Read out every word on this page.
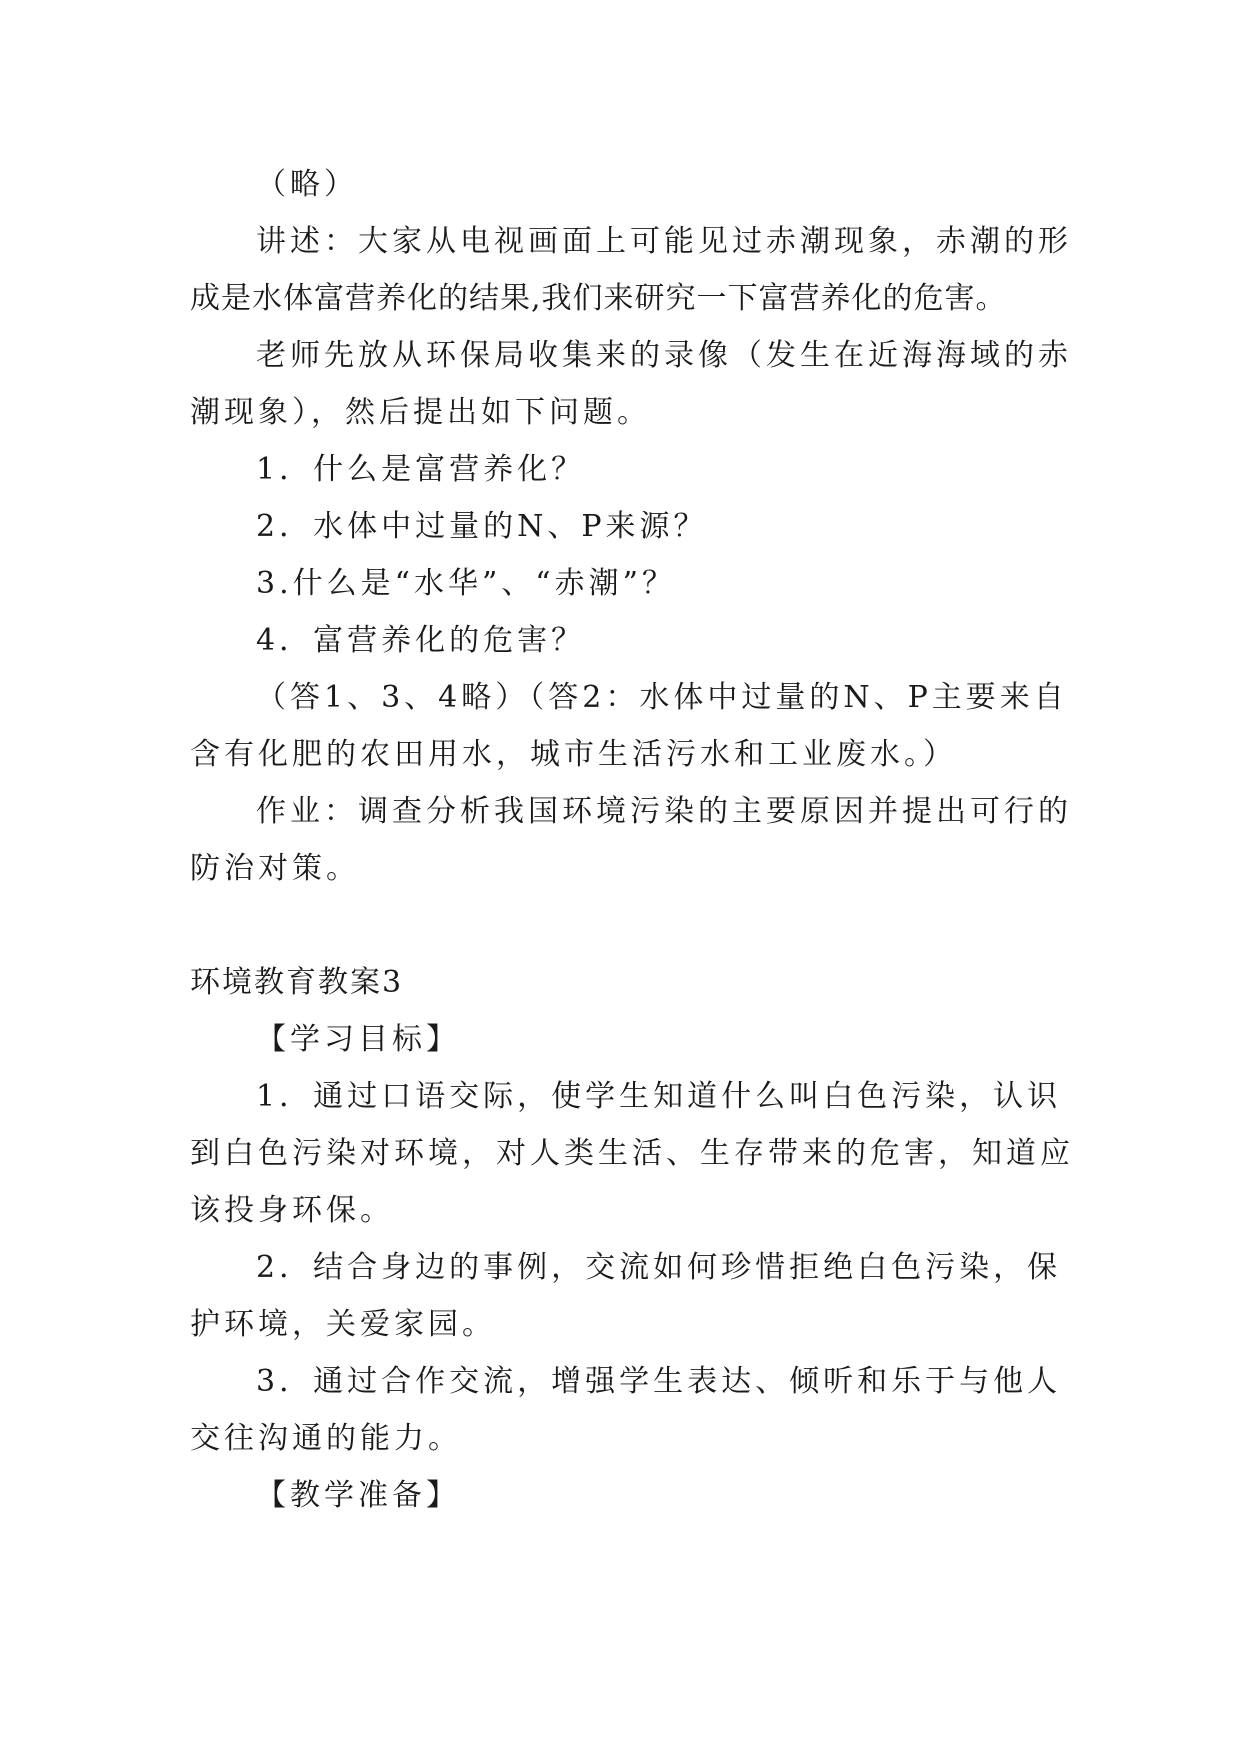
（略）
讲述：大家从电视画面上可能见过赤潮现象，赤潮的形
成是水体富营养化的结果,我们来研究一下富营养化的危害。
老师先放从环保局收集来的录像（发生在近海海域的赤
潮现象），然后提出如下问题。
1．什么是富营养化？
2．水体中过量的N、P来源？
3.什么是“水华”、“赤潮”？
4．富营养化的危害？
（答1、3、4略）（答2：水体中过量的N、P主要来自
含有化肥的农田用水，城市生活污水和工业废水。）
作业：调查分析我国环境污染的主要原因并提出可行的
防治对策。
环境教育教案3
【学习目标】
1．通过口语交际，使学生知道什么叫白色污染，认识
到白色污染对环境，对人类生活、生存带来的危害，知道应
该投身环保。
2．结合身边的事例，交流如何珍惜拒绝白色污染，保
护环境，关爱家园。
3．通过合作交流，增强学生表达、倾听和乐于与他人
交往沟通的能力。
【教学准备】
